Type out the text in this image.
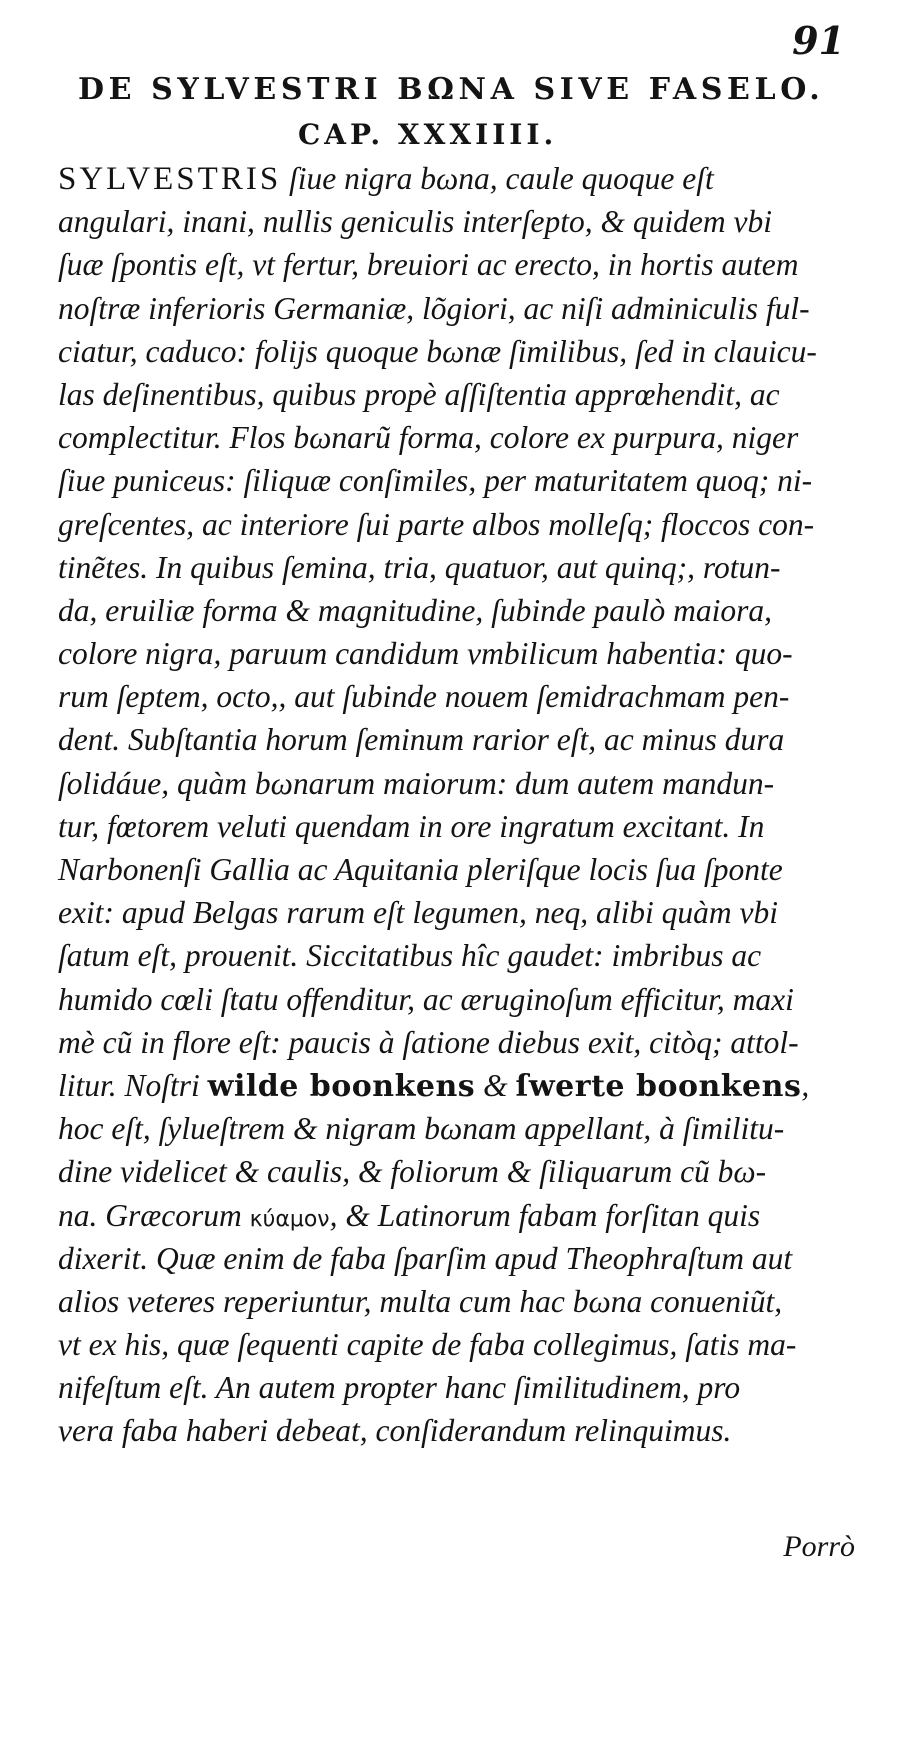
91
DE SYLVESTRI BΩNA SIVE FASELO.
CAP. XXXIIII.
SYLVESTRIS ſiue nigra bωna, caule quoque eſt
angulari, inani, nullis geniculis interſepto, & quidem vbi
ſuæ ſpontis eſt, vt fertur, breuiori ac erecto, in hortis autem
noſtræ inferioris Germaniæ, lõgiori, ac niſi adminiculis ful-
ciatur, caduco: folijs quoque bωnæ ſimilibus, ſed in clauicu-
las deſinentibus, quibus propè aſſiſtentia apprœhendit, ac
complectitur. Flos bωnarũ forma, colore ex purpura, niger
ſiue puniceus: ſiliquæ conſimiles, per maturitatem quoq; ni-
greſcentes, ac interiore ſui parte albos molleſq; floccos con-
tinẽtes. In quibus ſemina, tria, quatuor, aut quinq;, rotun-
da, eruiliæ forma & magnitudine, ſubinde paulò maiora,
colore nigra, paruum candidum vmbilicum habentia: quo-
rum ſeptem, octo,, aut ſubinde nouem ſemidrachmam pen-
dent. Subſtantia horum ſeminum rarior eſt, ac minus dura
ſolidáue, quàm bωnarum maiorum: dum autem mandun-
tur, fœtorem veluti quendam in ore ingratum excitant. In
Narbonenſi Gallia ac Aquitania pleriſque locis ſua ſponte
exit: apud Belgas rarum eſt legumen, neq, alibi quàm vbi
ſatum eſt, prouenit. Siccitatibus hîc gaudet: imbribus ac
humido cœli ſtatu offenditur, ac æruginoſum efficitur, maxi
mè cũ in flore eſt: paucis à ſatione diebus exit, citòq; attol-
litur. Noſtri wilde boonkens & ſwerte boonkens,
hoc eſt, ſylueſtrem & nigram bωnam appellant, à ſimilitu-
dine videlicet & caulis, & foliorum & ſiliquarum cũ bω-
na. Græcorum κύαμον, & Latinorum fabam forſitan quis
dixerit. Quæ enim de faba ſparſim apud Theophraſtum aut
alios veteres reperiuntur, multa cum hac bωna conueniũt,
vt ex his, quæ ſequenti capite de faba collegimus, ſatis ma-
nifeſtum eſt. An autem propter hanc ſimilitudinem, pro
vera faba haberi debeat, conſiderandum relinquimus.
Porrò
